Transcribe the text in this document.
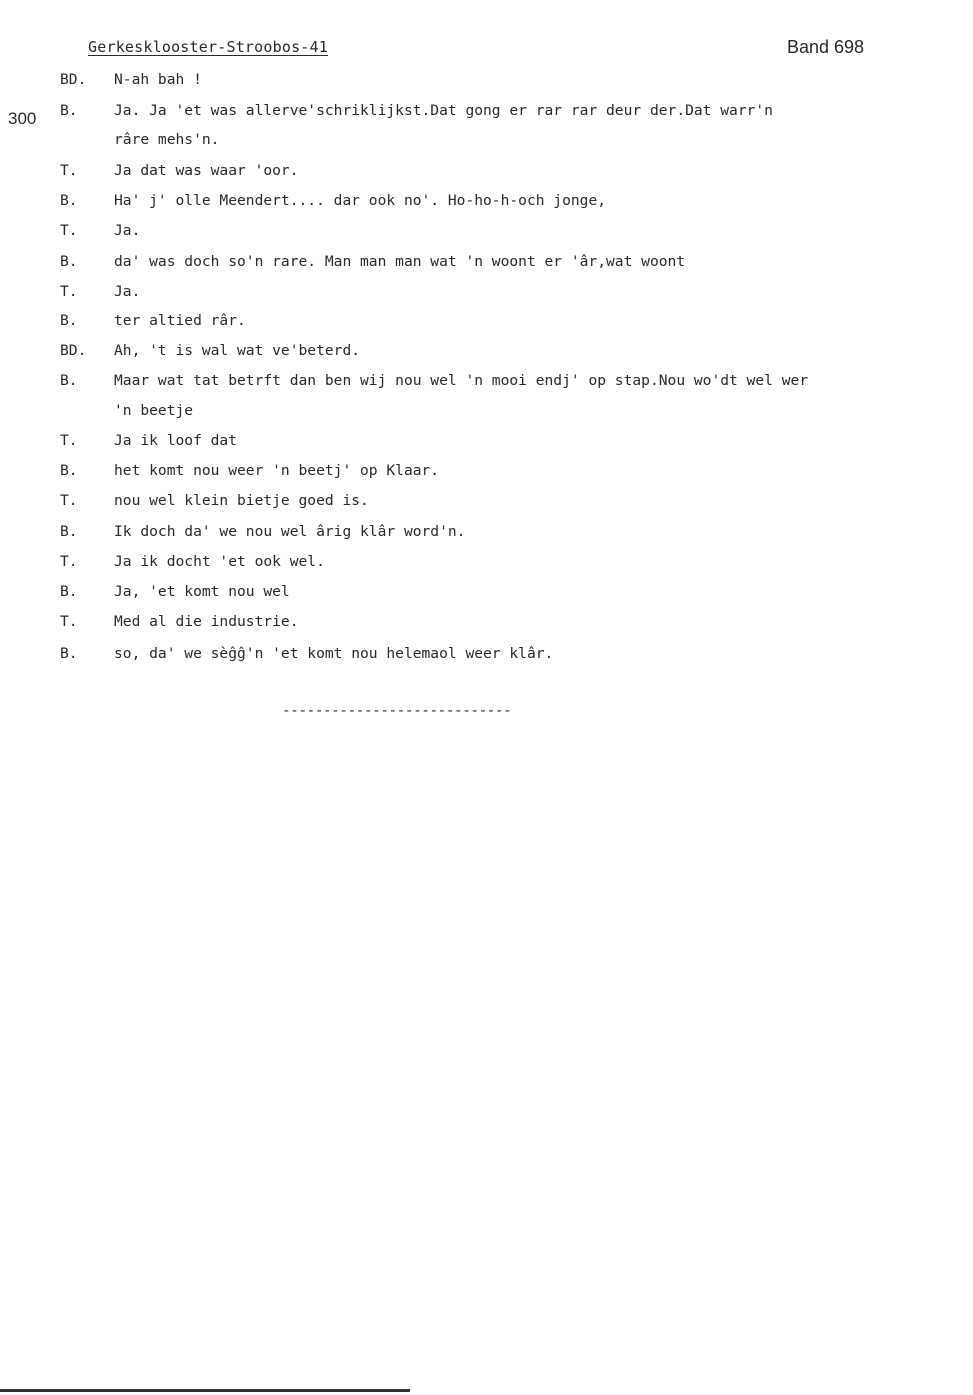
Gerkesklooster-Stroobos-41	Band 698
300
BD. N-ah bah !
B. Ja. Ja 'et was allerve'schriklijkst.Dat gong er rar rar deur der.Dat warr'n
râre mehs'n.
T. Ja dat was waar 'oor.
B. Ha' j' olle Meendert.... dar ook no'. Ho-ho-h-och jonge,
T. Ja.
B. da' was doch so'n rare. Man man man wat 'n woont er 'âr,wat woont
T. Ja.
B. ter altied râr.
BD. Ah, 't is wal wat ve'beterd.
B. Maar wat tat betrft dan ben wij nou wel 'n mooi endj' op stap.Nou wo'dt wel wer
'n beetje
T. Ja ik loof dat
B. het komt nou weer 'n beetj' op Klaar.
T. nou wel klein bietje goed is.
B. Ik doch da' we nou wel ârig klâr word'n.
T. Ja ik docht 'et ook wel.
B. Ja, 'et komt nou wel
T. Med al die industrie.
B. so, da' we sèĝĝ'n 'et komt nou helemaol weer klâr.
----------------------------
